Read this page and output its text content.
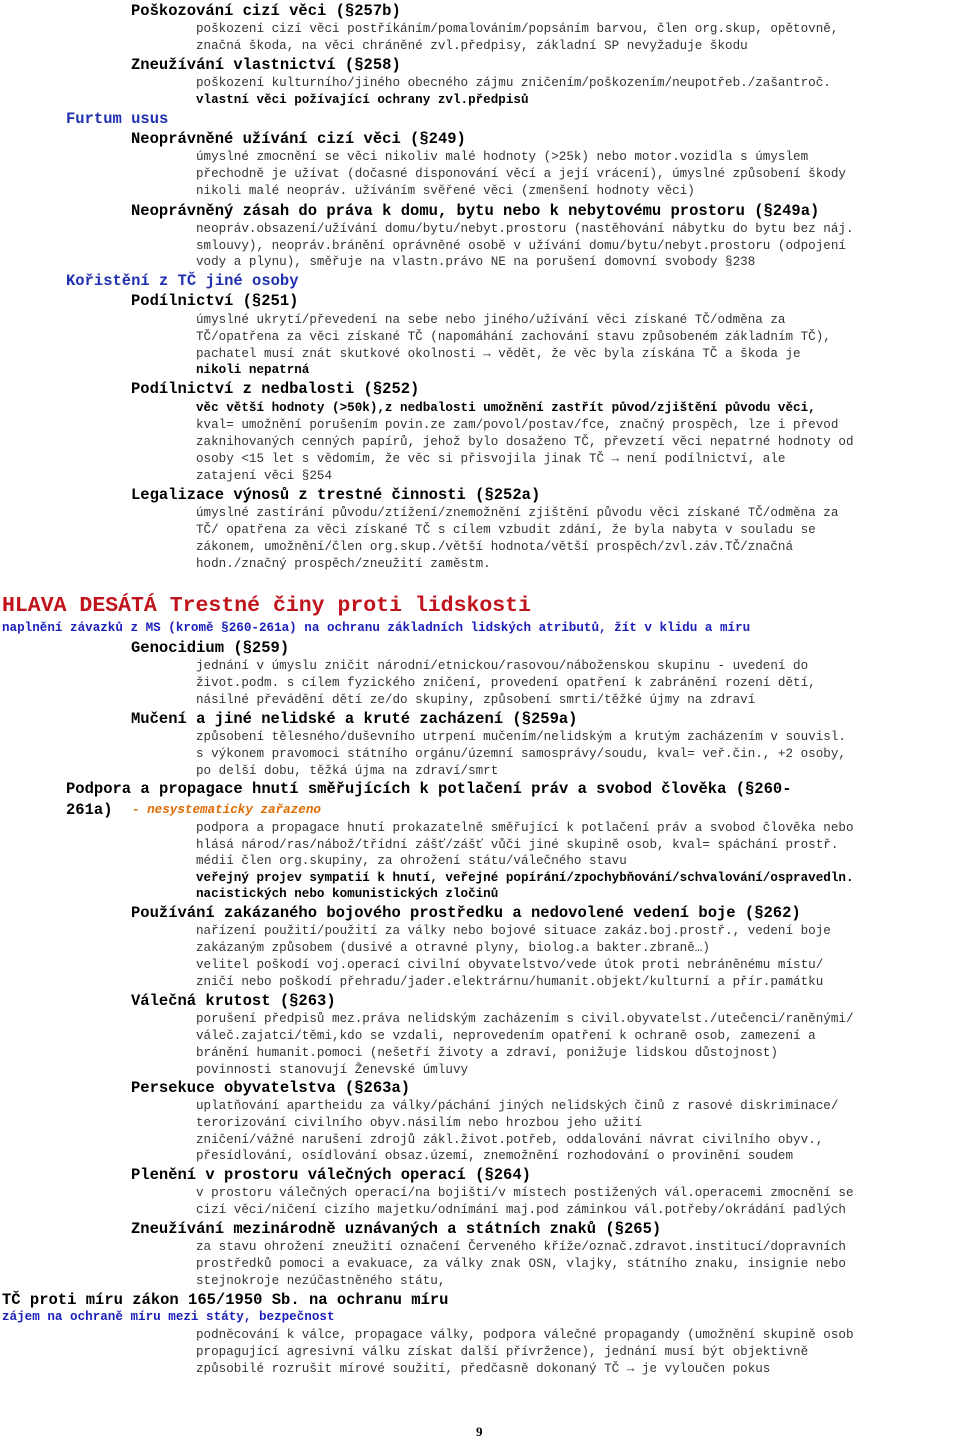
Poškozování cizí věci (§257b)
poškození cizí věci postříkáním/pomalováním/popsáním barvou, člen org.skup, opětovně,
značná škoda, na věci chráněné zvl.předpisy, základní SP nevyžaduje škodu
Zneužívání vlastnictví (§258)
poškození kulturního/jiného obecného zájmu zničením/poškozením/neupotřeb./zašantroč.
vlastní věci požívající ochrany zvl.předpisů
Furtum usus
Neoprávněné užívání cizí věci (§249)
úmyslné zmocnění se věci nikoliv malé hodnoty (>25k) nebo motor.vozidla s úmyslem
přechodně je užívat (dočasné disponování věcí a její vrácení), úmyslné způsobení škody
nikoli malé neopráv. užíváním svěřené věci (zmenšení hodnoty věci)
Neoprávněný zásah do práva k domu, bytu nebo k nebytovému prostoru (§249a)
neopráv.obsazení/užívání domu/bytu/nebyt.prostoru (nastěhování nábytku do bytu bez náj.
smlouvy), neopráv.bránění oprávněné osobě v užívání domu/bytu/nebyt.prostoru (odpojení
vody a plynu), směřuje na vlastn.právo NE na porušení domovní svobody §238
Kořistění z TČ jiné osoby
Podílnictví (§251)
úmyslné ukrytí/převedení na sebe nebo jiného/užívání věci získané TČ/odměna za
TČ/opatřena za věci získané TČ (napomáhání zachování stavu způsobeném základním TČ),
pachatel musí znát skutkové okolnosti → vědět, že věc byla získána TČ a škoda je
nikoli nepatrná
Podílnictví z nedbalosti (§252)
věc větší hodnoty (>50k),z nedbalosti umožnění zastřít původ/zjištění původu věci,
kval= umožnění porušením povin.ze zam/povol/postav/fce, značný prospěch, lze i převod
zaknihovaných cenných papírů, jehož bylo dosaženo TČ, převzetí věci nepatrné hodnoty od
osoby <15 let s vědomím, že věc si přisvojila jinak TČ → není podílnictví, ale
zatajení věci §254
Legalizace výnosů z trestné činnosti (§252a)
úmyslné zastírání původu/ztížení/znemožnění zjištění původu věci získané TČ/odměna za
TČ/ opatřena za věci získané TČ s cílem vzbudit zdání, že byla nabyta v souladu se
zákonem, umožnění/člen org.skup./větší hodnota/větší prospěch/zvl.záv.TČ/značná
hodn./značný prospěch/zneužití zaměstm.
HLAVA DESÁTÁ Trestné činy proti lidskosti
naplnění závazků z MS (kromě §260-261a) na ochranu základních lidských atributů, žít v klidu a míru
Genocidium (§259)
jednání v úmyslu zničit národní/etnickou/rasovou/náboženskou skupinu - uvedení do
život.podm. s cílem fyzického zničení, provedení opatření k zabránění rození dětí,
násilné převádění dětí ze/do skupiny, způsobení smrti/těžké újmy na zdraví
Mučení a jiné nelidské a kruté zacházení (§259a)
způsobení tělesného/duševního utrpení mučením/nelidským a krutým zacházením v souvisl.
s výkonem pravomoci státního orgánu/územní samosprávy/soudu, kval= veř.čin., +2 osoby,
po delší dobu, těžká újma na zdraví/smrt
Podpora a propagace hnutí směřujících k potlačení práv a svobod člověka (§260-
261a) - nesystematicky zařazeno
podpora a propagace hnutí prokazatelně směřující k potlačení práv a svobod člověka nebo
hlásá národ/ras/nábož/třídní zášť/zášť vůči jiné skupině osob, kval= spáchání prostř.
médií člen org.skupiny, za ohrožení státu/válečného stavu
veřejný projev sympatií k hnutí, veřejné popírání/zpochybňování/schvalování/ospravedln.
nacistických nebo komunistických zločinů
Používání zakázaného bojového prostředku a nedovolené vedení boje (§262)
nařízení použití/použití za války nebo bojové situace zakáz.boj.prostř., vedení boje
zakázaným způsobem (dusivé a otravné plyny, biolog.a bakter.zbraně…)
velitel poškodí voj.operací civilní obyvatelstvo/vede útok proti nebráněnému místu/
zničí nebo poškodí přehradu/jader.elektrárnu/humanit.objekt/kulturní a přír.památku
Válečná krutost (§263)
porušení předpisů mez.práva nelidským zacházením s civil.obyvatelst./utečenci/raněnými/
váleč.zajatci/těmi,kdo se vzdali, neprovedením opatření k ochraně osob, zamezení a
bránění humanit.pomoci (nešetří životy a zdraví, ponižuje lidskou důstojnost)
povinnosti stanovují Ženevské úmluvy
Persekuce obyvatelstva (§263a)
uplatňování apartheidu za války/páchání jiných nelidských činů z rasové diskriminace/
terorizování civilního obyv.násilím nebo hrozbou jeho užití
zničení/vážné narušení zdrojů zákl.život.potřeb, oddalování návrat civilního obyv.,
přesídlování, osídlování obsaz.území, znemožnění rozhodování o provinění soudem
Plenění v prostoru válečných operací (§264)
v prostoru válečných operací/na bojišti/v místech postižených vál.operacemi zmocnění se
cizí věci/ničení cizího majetku/odnímání maj.pod záminkou vál.potřeby/okrádání padlých
Zneužívání mezinárodně uznávaných a státních znaků (§265)
za stavu ohrožení zneužití označení Červeného kříže/označ.zdravot.institucí/dopravních
prostředků pomoci a evakuace, za války znak OSN, vlajky, státního znaku, insignie nebo
stejnokroje nezúčastněného státu,
TČ proti míru zákon 165/1950 Sb. na ochranu míru
zájem na ochraně míru mezi státy, bezpečnost
podněcování k válce, propagace války, podpora válečné propagandy (umožnění skupině osob
propagující agresivní válku získat další přívržence), jednání musí být objektivně
způsobilé rozrušit mírové soužití, předčasně dokonaný TČ → je vyloučen pokus
9
